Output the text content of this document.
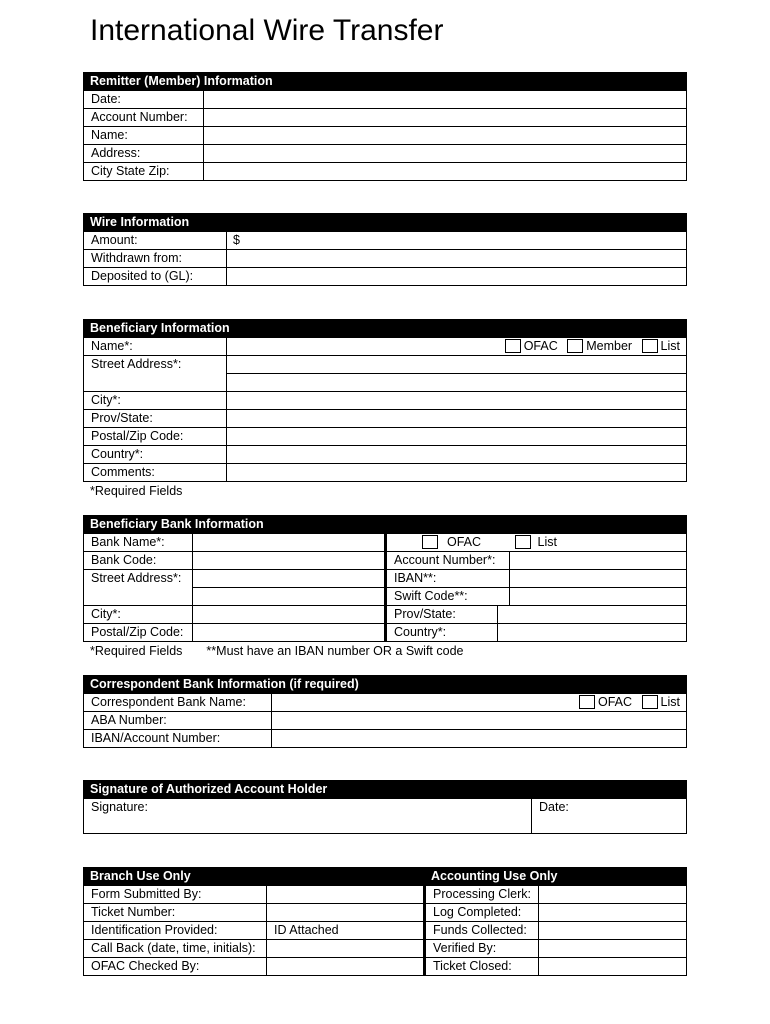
International Wire Transfer
Remitter (Member) Information
Date:	
Account Number:	
Name:	
Address:	
City State Zip:	
Wire Information
Amount:	$
Withdrawn from:	
Deposited to (GL):	
Beneficiary Information
Name*:	OFAC Member List

Street Address*:	

City*:	
Prov/State:	
Postal/Zip Code:	
Country*:	
Comments:	
*Required Fields
Beneficiary Bank Information
Bank Name*:		OFAC List		
Bank Code:		Account Number*:		
Street Address*:		IBAN**:		
		Swift Code**:		
City*:		Prov/State:		
Postal/Zip Code:		Country*:		
*Required Fields **Must have an IBAN number OR a Swift code
Correspondent Bank Information (if required)
Correspondent Bank Name:	OFAC List

ABA Number:	
IBAN/Account Number:	
Signature of Authorized Account Holder
Signature:	Date:
Branch Use Only	Accounting Use Only
Form Submitted By:		Processing Clerk:	
Ticket Number:		Log Completed:	
Identification Provided:	ID Attached	Funds Collected:	
Call Back (date, time, initials):		Verified By:	
OFAC Checked By:		Ticket Closed:	
